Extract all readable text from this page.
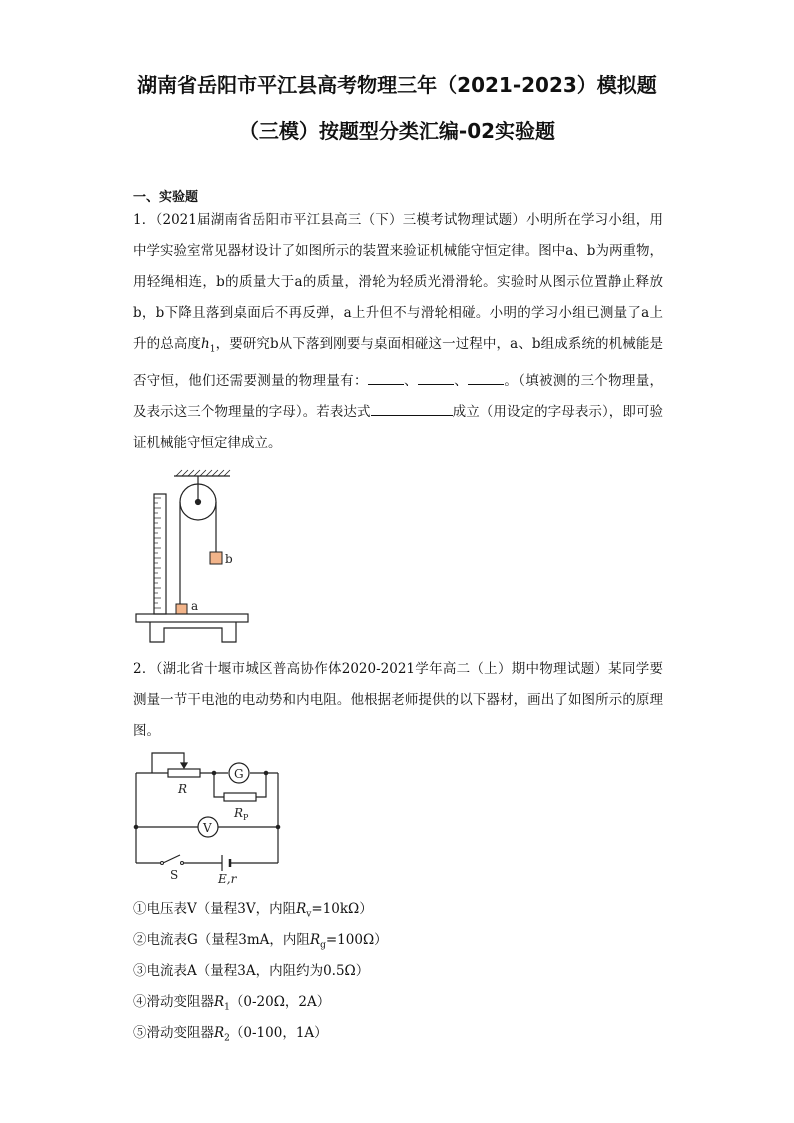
湖南省岳阳市平江县高考物理三年（2021-2023）模拟题（三模）按题型分类汇编-02实验题
一、实验题
1．（2021届湖南省岳阳市平江县高三（下）三模考试物理试题）小明所在学习小组，用中学实验室常见器材设计了如图所示的装置来验证机械能守恒定律。图中a、b为两重物，用轻绳相连，b的质量大于a的质量，滑轮为轻质光滑滑轮。实验时从图示位置静止释放b，b下降且落到桌面后不再反弹，a上升但不与滑轮相碰。小明的学习小组已测量了a上升的总高度$h_1$，要研究b从下落到刚要与桌面相碰这一过程中，a、b组成系统的机械能是否守恒，他们还需要测量的物理量有：	、	、	。（填被测的三个物理量，及表示这三个物理量的字母）。若表达式	成立（用设定的字母表示），即可验证机械能守恒定律成立。
b
a
2．（湖北省十堰市城区普高协作体2020-2021学年高二（上）期中物理试题）某同学要测量一节干电池的电动势和内电阻。他根据老师提供的以下器材，画出了如图所示的原理图。
R
G
R P
V
S	E,r
①电压表V（量程3V，内阻$R_v=10k\Omega$）
②电流表G（量程3mA，内阻$R_g=100\Omega$）
③电流表A（量程3A，内阻约为0.5Ω）
④滑动变阻器$R_1(0-20\Omega$，2A）
⑤滑动变阻器$R_2(0-100$，1A）
